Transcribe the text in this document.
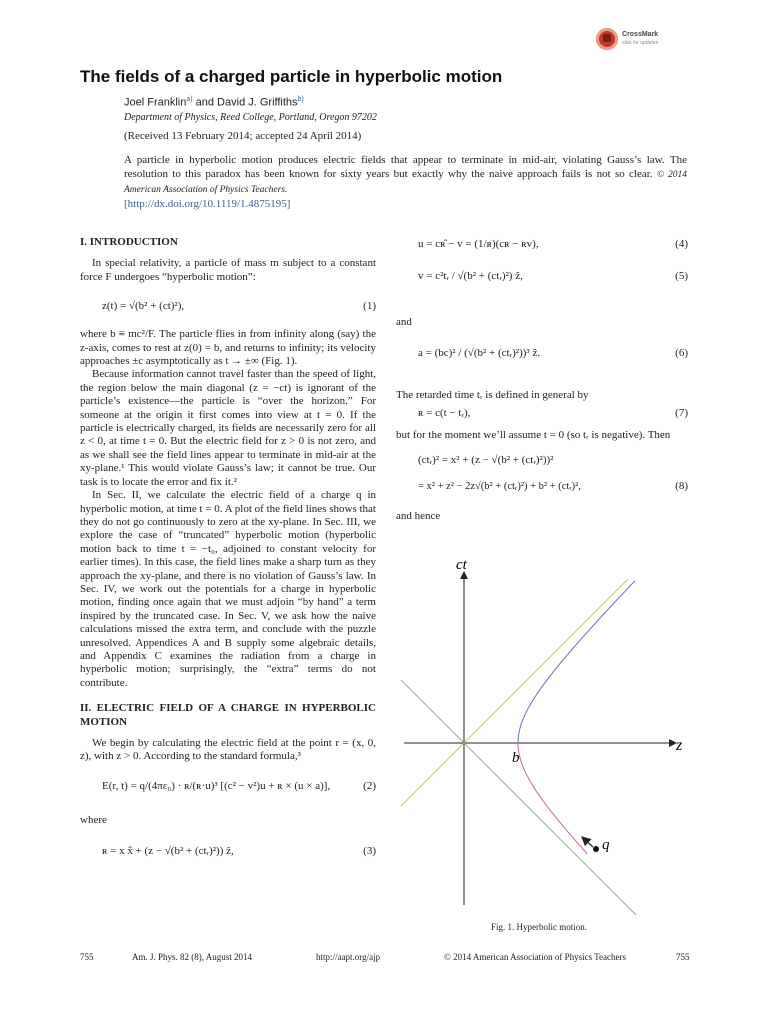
CrossMark
click for updates
The fields of a charged particle in hyperbolic motion
Joel Franklin$^{a)}$ and David J. Griffiths$^{b)}$
Department of Physics, Reed College, Portland, Oregon 97202
(Received 13 February 2014; accepted 24 April 2014)
A particle in hyperbolic motion produces electric fields that appear to terminate in mid-air, violating Gauss’s law. The resolution to this paradox has been known for sixty years but exactly why the naive approach fails is not so clear. © 2014 American Association of Physics Teachers.
[http://dx.doi.org/10.1119/1.4875195]
I. INTRODUCTION

In special relativity, a particle of mass m subject to a constant force F undergoes “hyperbolic motion”:

z(t) = √(b² + (ct)²),	(1)

where b ≡ mc²/F. The particle flies in from infinity along (say) the z-axis, comes to rest at z(0) = b, and returns to infinity; its velocity approaches ±c asymptotically as t → ±∞ (Fig. 1).

Because information cannot travel faster than the speed of light, the region below the main diagonal (z = −ct) is ignorant of the particle’s existence—the particle is “over the horizon.” For someone at the origin it first comes into view at t = 0. If the particle is electrically charged, its fields are necessarily zero for all z < 0, at time t = 0. But the electric field for z > 0 is not zero, and as we shall see the field lines appear to terminate in mid-air at the xy-plane.¹ This would violate Gauss’s law; it cannot be true. Our task is to locate the error and fix it.²

In Sec. II, we calculate the electric field of a charge q in hyperbolic motion, at time t = 0. A plot of the field lines shows that they do not go continuously to zero at the xy-plane. In Sec. III, we explore the case of “truncated” hyperbolic motion (hyperbolic motion back to time t = −t₀, adjoined to constant velocity for earlier times). In this case, the field lines make a sharp turn as they approach the xy-plane, and there is no violation of Gauss’s law. In Sec. IV, we work out the potentials for a charge in hyperbolic motion, finding once again that we must adjoin “by hand” a term inspired by the truncated case. In Sec. V, we ask how the naive calculations missed the extra term, and conclude with the puzzle unresolved. Appendices A and B supply some algebraic details, and Appendix C examines the radiation from a charge in hyperbolic motion; surprisingly, the “extra” terms do not contribute.

II. ELECTRIC FIELD OF A CHARGE IN HYPERBOLIC MOTION

We begin by calculating the electric field at the point r = (x, 0, z), with z > 0. According to the standard formula,³

E(r, t) = q/(4πε₀) · ʀ/(ʀ·u)³ [(c² − v²)u + ʀ × (u × a)],	(2)

where

ʀ = x x̂ + (z − √(b² + (ctᵣ)²)) ẑ,	(3)
u = cʀ̂ − v = (1/ʀ)(cʀ − ʀv),	(4)
v = c²tᵣ / √(b² + (ctᵣ)²) ẑ,	(5)

and

a = (bc)² / (√(b² + (ctᵣ)²))³ ẑ.	(6)

The retarded time tᵣ is defined in general by

ʀ = c(t − tᵣ),	(7)

but for the moment we’ll assume t = 0 (so tᵣ is negative). Then

(ctᵣ)² = x² + (z − √(b² + (ctᵣ)²))²
= x² + z² − 2z√(b² + (ctᵣ)²) + b² + (ctᵣ)²,	(8)

and hence

ct
z
b
q
Fig. 1. Hyperbolic motion.
755	Am. J. Phys. 82 (8), August 2014	http://aapt.org/ajp	© 2014 American Association of Physics Teachers	755
